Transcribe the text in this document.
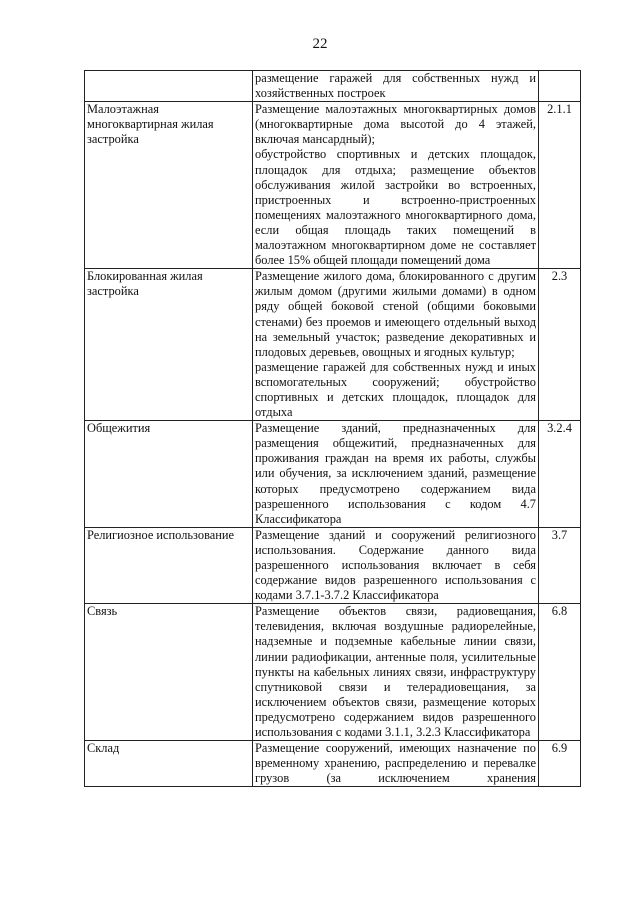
22

	размещение гаражей для собственных нужд и хозяйственных построек	

Малоэтажная многоквартирная жилая застройка	Размещение малоэтажных многоквартирных домов (многоквартирные дома высотой до 4 этажей, включая мансардный);
обустройство спортивных и детских площадок, площадок для отдыха; размещение объектов обслуживания жилой застройки во встроенных, пристроенных и встроенно-пристроенных помещениях малоэтажного многоквартирного дома, если общая площадь таких помещений в малоэтажном многоквартирном доме не составляет более 15% общей площади помещений дома	2.1.1
Блокированная жилая застройка	Размещение жилого дома, блокированного с другим жилым домом (другими жилыми домами) в одном ряду общей боковой стеной (общими боковыми стенами) без проемов и имеющего отдельный выход на земельный участок; разведение декоративных и плодовых деревьев, овощных и ягодных культур;
размещение гаражей для собственных нужд и иных вспомогательных сооружений; обустройство спортивных и детских площадок, площадок для отдыха	2.3
Общежития	Размещение зданий, предназначенных для размещения общежитий, предназначенных для проживания граждан на время их работы, службы или обучения, за исключением зданий, размещение которых предусмотрено содержанием вида разрешенного использования с кодом 4.7 Классификатора	3.2.4
Религиозное использование	Размещение зданий и сооружений религиозного использования. Содержание данного вида разрешенного использования включает в себя содержание видов разрешенного использования с кодами 3.7.1-3.7.2 Классификатора	3.7
Связь	Размещение объектов связи, радиовещания, телевидения, включая воздушные радиорелейные, надземные и подземные кабельные линии связи, линии радиофикации, антенные поля, усилительные пункты на кабельных линиях связи, инфраструктуру спутниковой связи и телерадиовещания, за исключением объектов связи, размещение которых предусмотрено содержанием видов разрешенного использования с кодами 3.1.1, 3.2.3 Классификатора	6.8
Склад	Размещение сооружений, имеющих назначение по временному хранению, распределению и перевалке грузов (за исключением хранения	6.9
